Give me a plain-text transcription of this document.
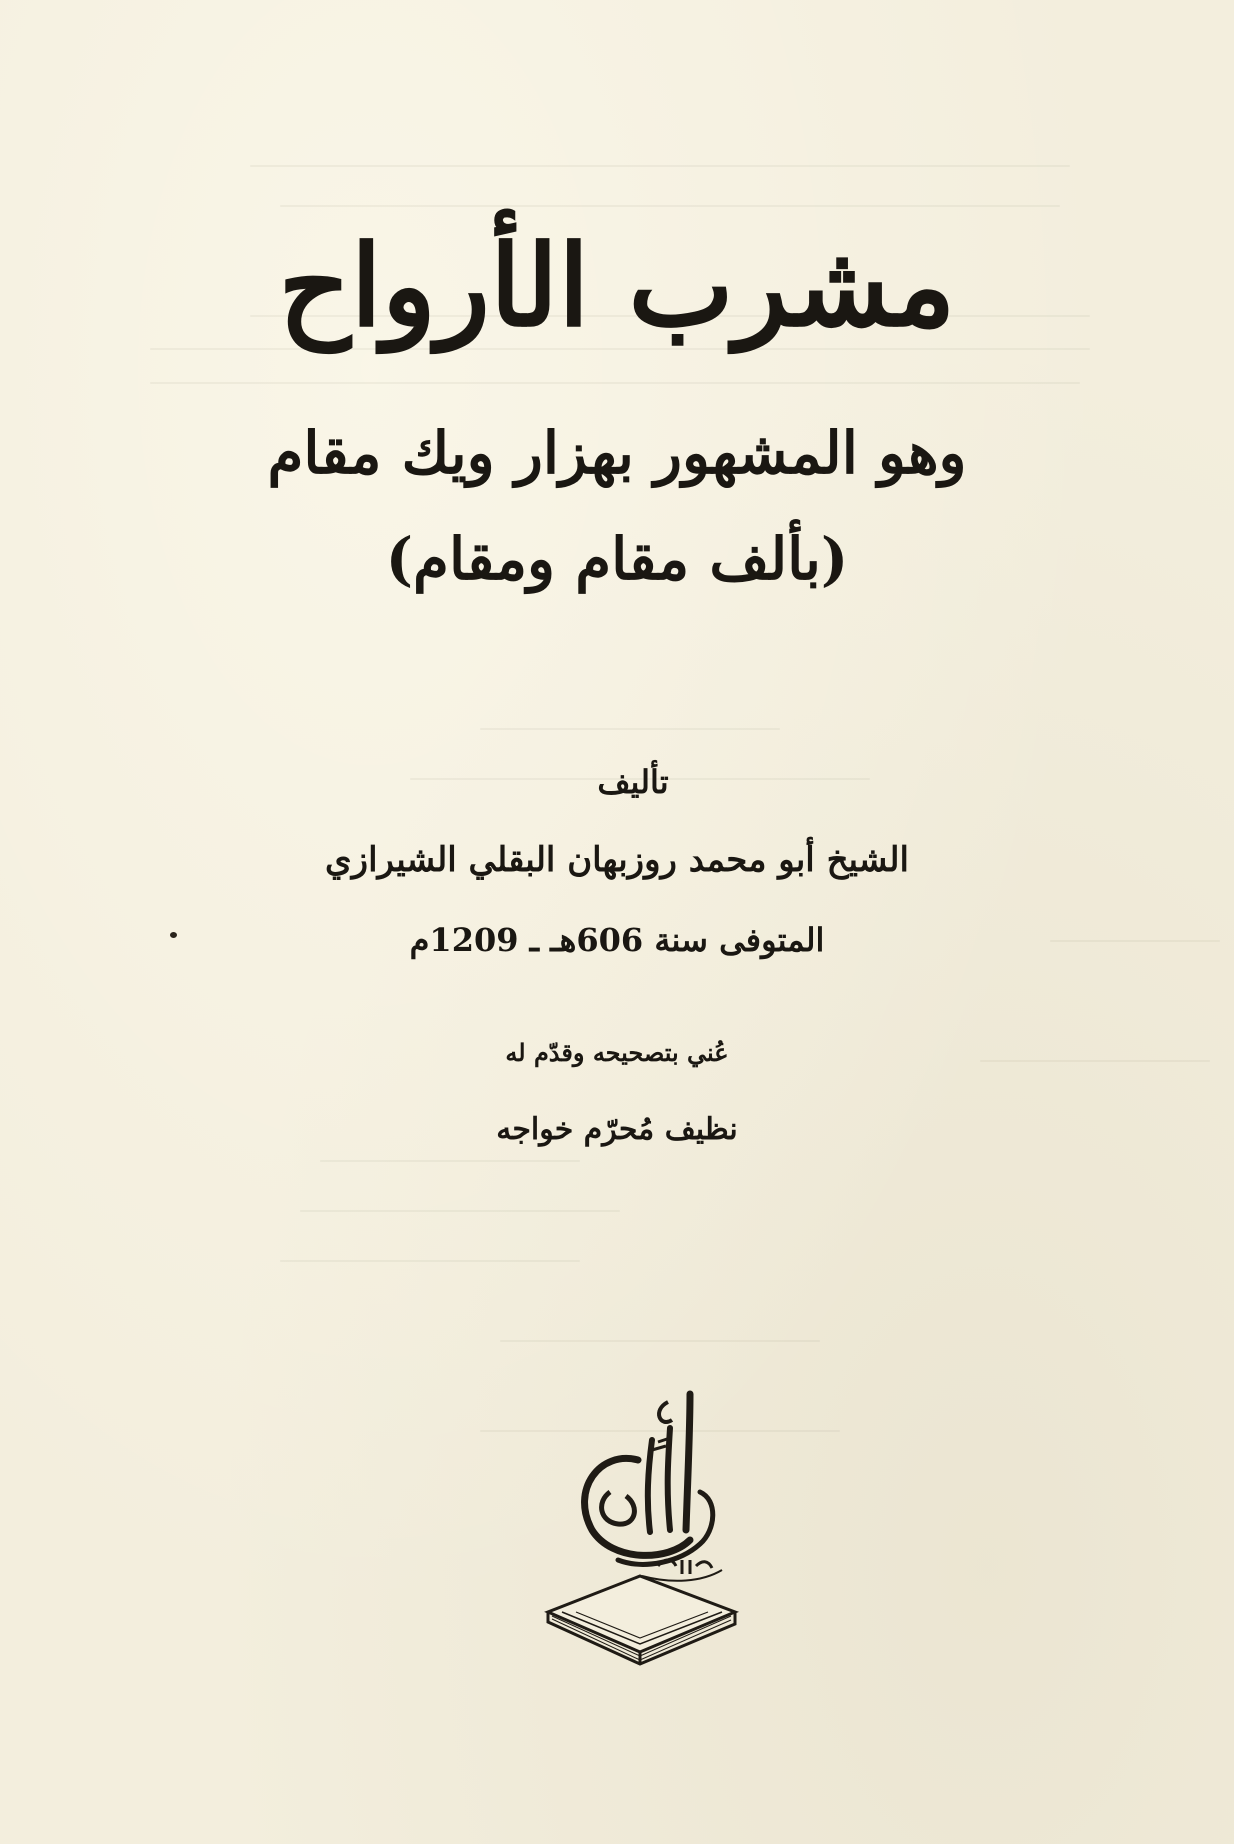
مشرب الأرواح
وهو المشهور بهزار ويك مقام
(بألف مقام ومقام)
تأليف
الشيخ أبو محمد روزبهان البقلي الشيرازي
المتوفى سنة 606هـ ـ 1209م
عُني بتصحيحه وقدّم له
نظيف مُحرّم خواجه
